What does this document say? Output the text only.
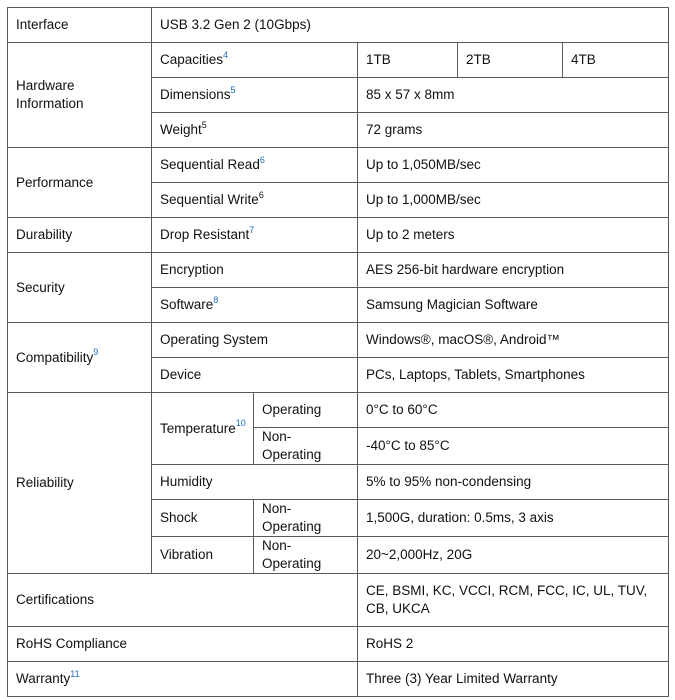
Interface	USB 3.2 Gen 2 (10Gbps)				
Hardware Information	Capacities$^4$		1TB	2TB	4TB
	Dimensions$^5$		85 x 57 x 8mm		
	Weight$^5$		72 grams		
Performance	Sequential Read$^6$		Up to 1,050MB/sec		
	Sequential Write$^6$		Up to 1,000MB/sec		
Durability	Drop Resistant$^7$		Up to 2 meters		
Security	Encryption		AES 256-bit hardware encryption		
	Software$^8$		Samsung Magician Software		
Compatibility$^9$	Operating System		Windows®, macOS®, Android™		
	Device		PCs, Laptops, Tablets, Smartphones		
Reliability	Temperature$^{10}$	Operating	0°C to 60°C		
		Non-Operating	-40°C to 85°C		
	Humidity		5% to 95% non-condensing		
	Shock	Non-Operating	1,500G, duration: 0.5ms, 3 axis		
	Vibration	Non-Operating	20~2,000Hz, 20G		
Certifications			CE, BSMI, KC, VCCI, RCM, FCC, IC, UL, TUV, CB, UKCA		
RoHS Compliance			RoHS 2		
Warranty$^{11}$			Three (3) Year Limited Warranty		
